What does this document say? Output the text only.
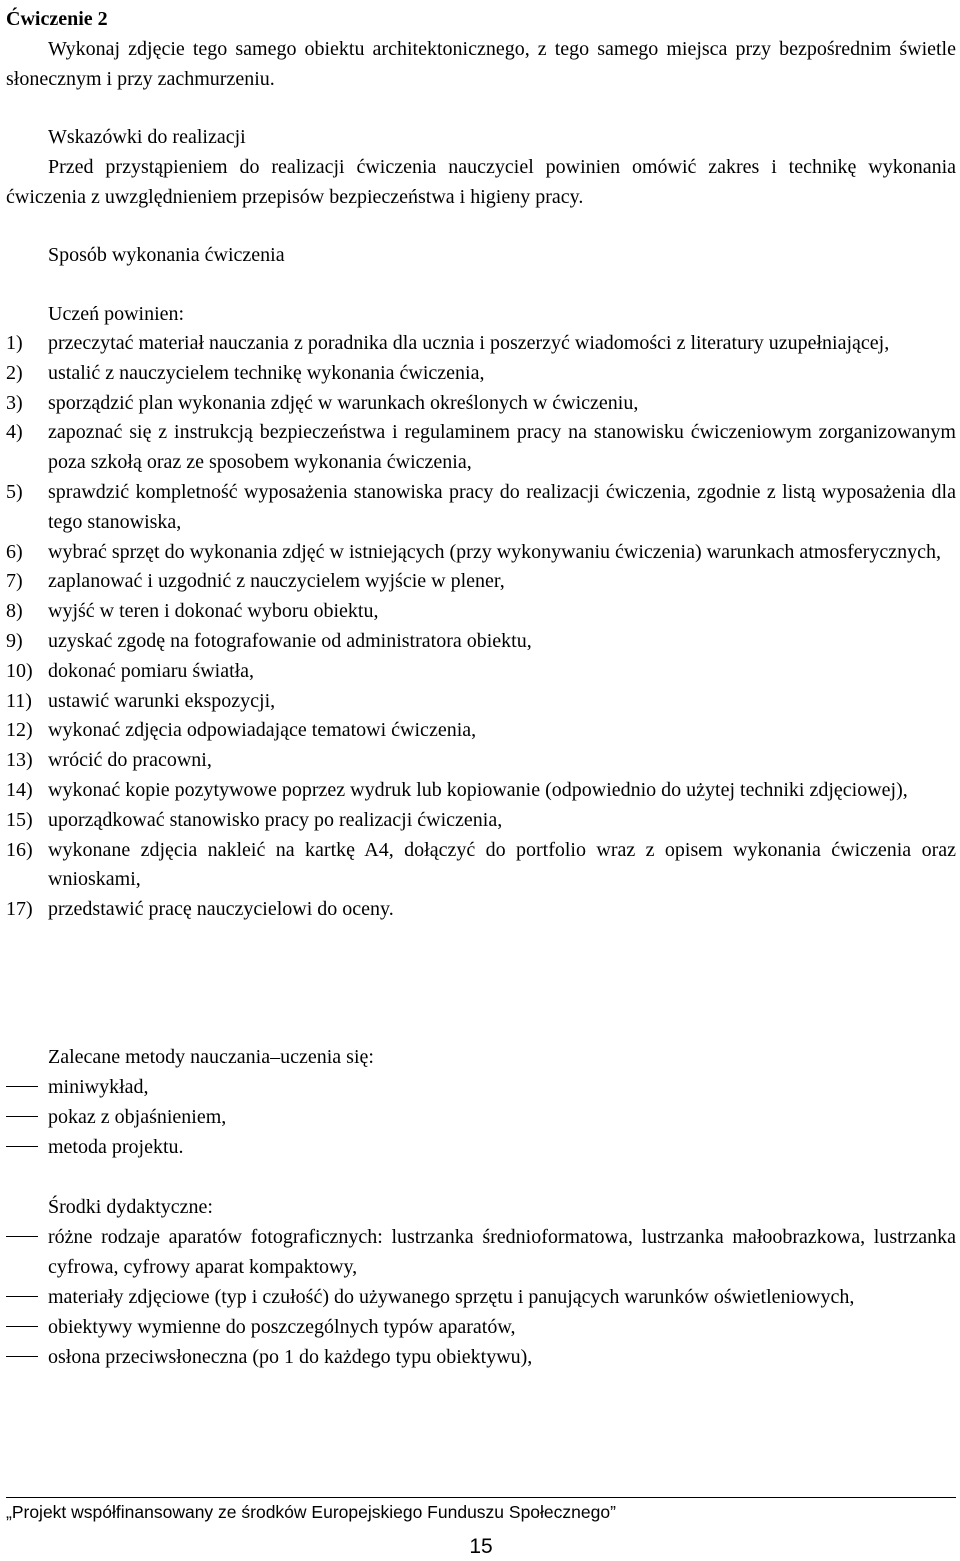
Ćwiczenie 2
Wykonaj zdjęcie tego samego obiektu architektonicznego, z tego samego miejsca przy bezpośrednim świetle słonecznym i przy zachmurzeniu.
Wskazówki do realizacji
Przed przystąpieniem do realizacji ćwiczenia nauczyciel powinien omówić zakres i technikę wykonania ćwiczenia z uwzględnieniem przepisów bezpieczeństwa i higieny pracy.
Sposób wykonania ćwiczenia
Uczeń powinien:
1) przeczytać materiał nauczania z poradnika dla ucznia i poszerzyć wiadomości z literatury uzupełniającej,
2) ustalić z nauczycielem technikę wykonania ćwiczenia,
3) sporządzić plan wykonania zdjęć w warunkach określonych w ćwiczeniu,
4) zapoznać się z instrukcją bezpieczeństwa i regulaminem pracy na stanowisku ćwiczeniowym zorganizowanym poza szkołą oraz ze sposobem wykonania ćwiczenia,
5) sprawdzić kompletność wyposażenia stanowiska pracy do realizacji ćwiczenia, zgodnie z listą wyposażenia dla tego stanowiska,
6) wybrać sprzęt do wykonania zdjęć w istniejących (przy wykonywaniu ćwiczenia) warunkach atmosferycznych,
7) zaplanować i uzgodnić z nauczycielem wyjście w plener,
8) wyjść w teren i dokonać wyboru obiektu,
9) uzyskać zgodę na fotografowanie od administratora obiektu,
10) dokonać pomiaru światła,
11) ustawić warunki ekspozycji,
12) wykonać zdjęcia odpowiadające tematowi ćwiczenia,
13) wrócić do pracowni,
14) wykonać kopie pozytywowe poprzez wydruk lub kopiowanie (odpowiednio do użytej techniki zdjęciowej),
15) uporządkować stanowisko pracy po realizacji ćwiczenia,
16) wykonane zdjęcia nakleić na kartkę A4, dołączyć do portfolio wraz z opisem wykonania ćwiczenia oraz wnioskami,
17) przedstawić pracę nauczycielowi do oceny.
Zalecane metody nauczania–uczenia się:
miniwykład,
pokaz z objaśnieniem,
metoda projektu.
Środki dydaktyczne:
różne rodzaje aparatów fotograficznych: lustrzanka średnioformatowa, lustrzanka małoobrazkowa, lustrzanka cyfrowa, cyfrowy aparat kompaktowy,
materiały zdjęciowe (typ i czułość) do używanego sprzętu i panujących warunków oświetleniowych,
obiektywy wymienne do poszczególnych typów aparatów,
osłona przeciwsłoneczna (po 1 do każdego typu obiektywu),
„Projekt współfinansowany ze środków Europejskiego Funduszu Społecznego”
15
